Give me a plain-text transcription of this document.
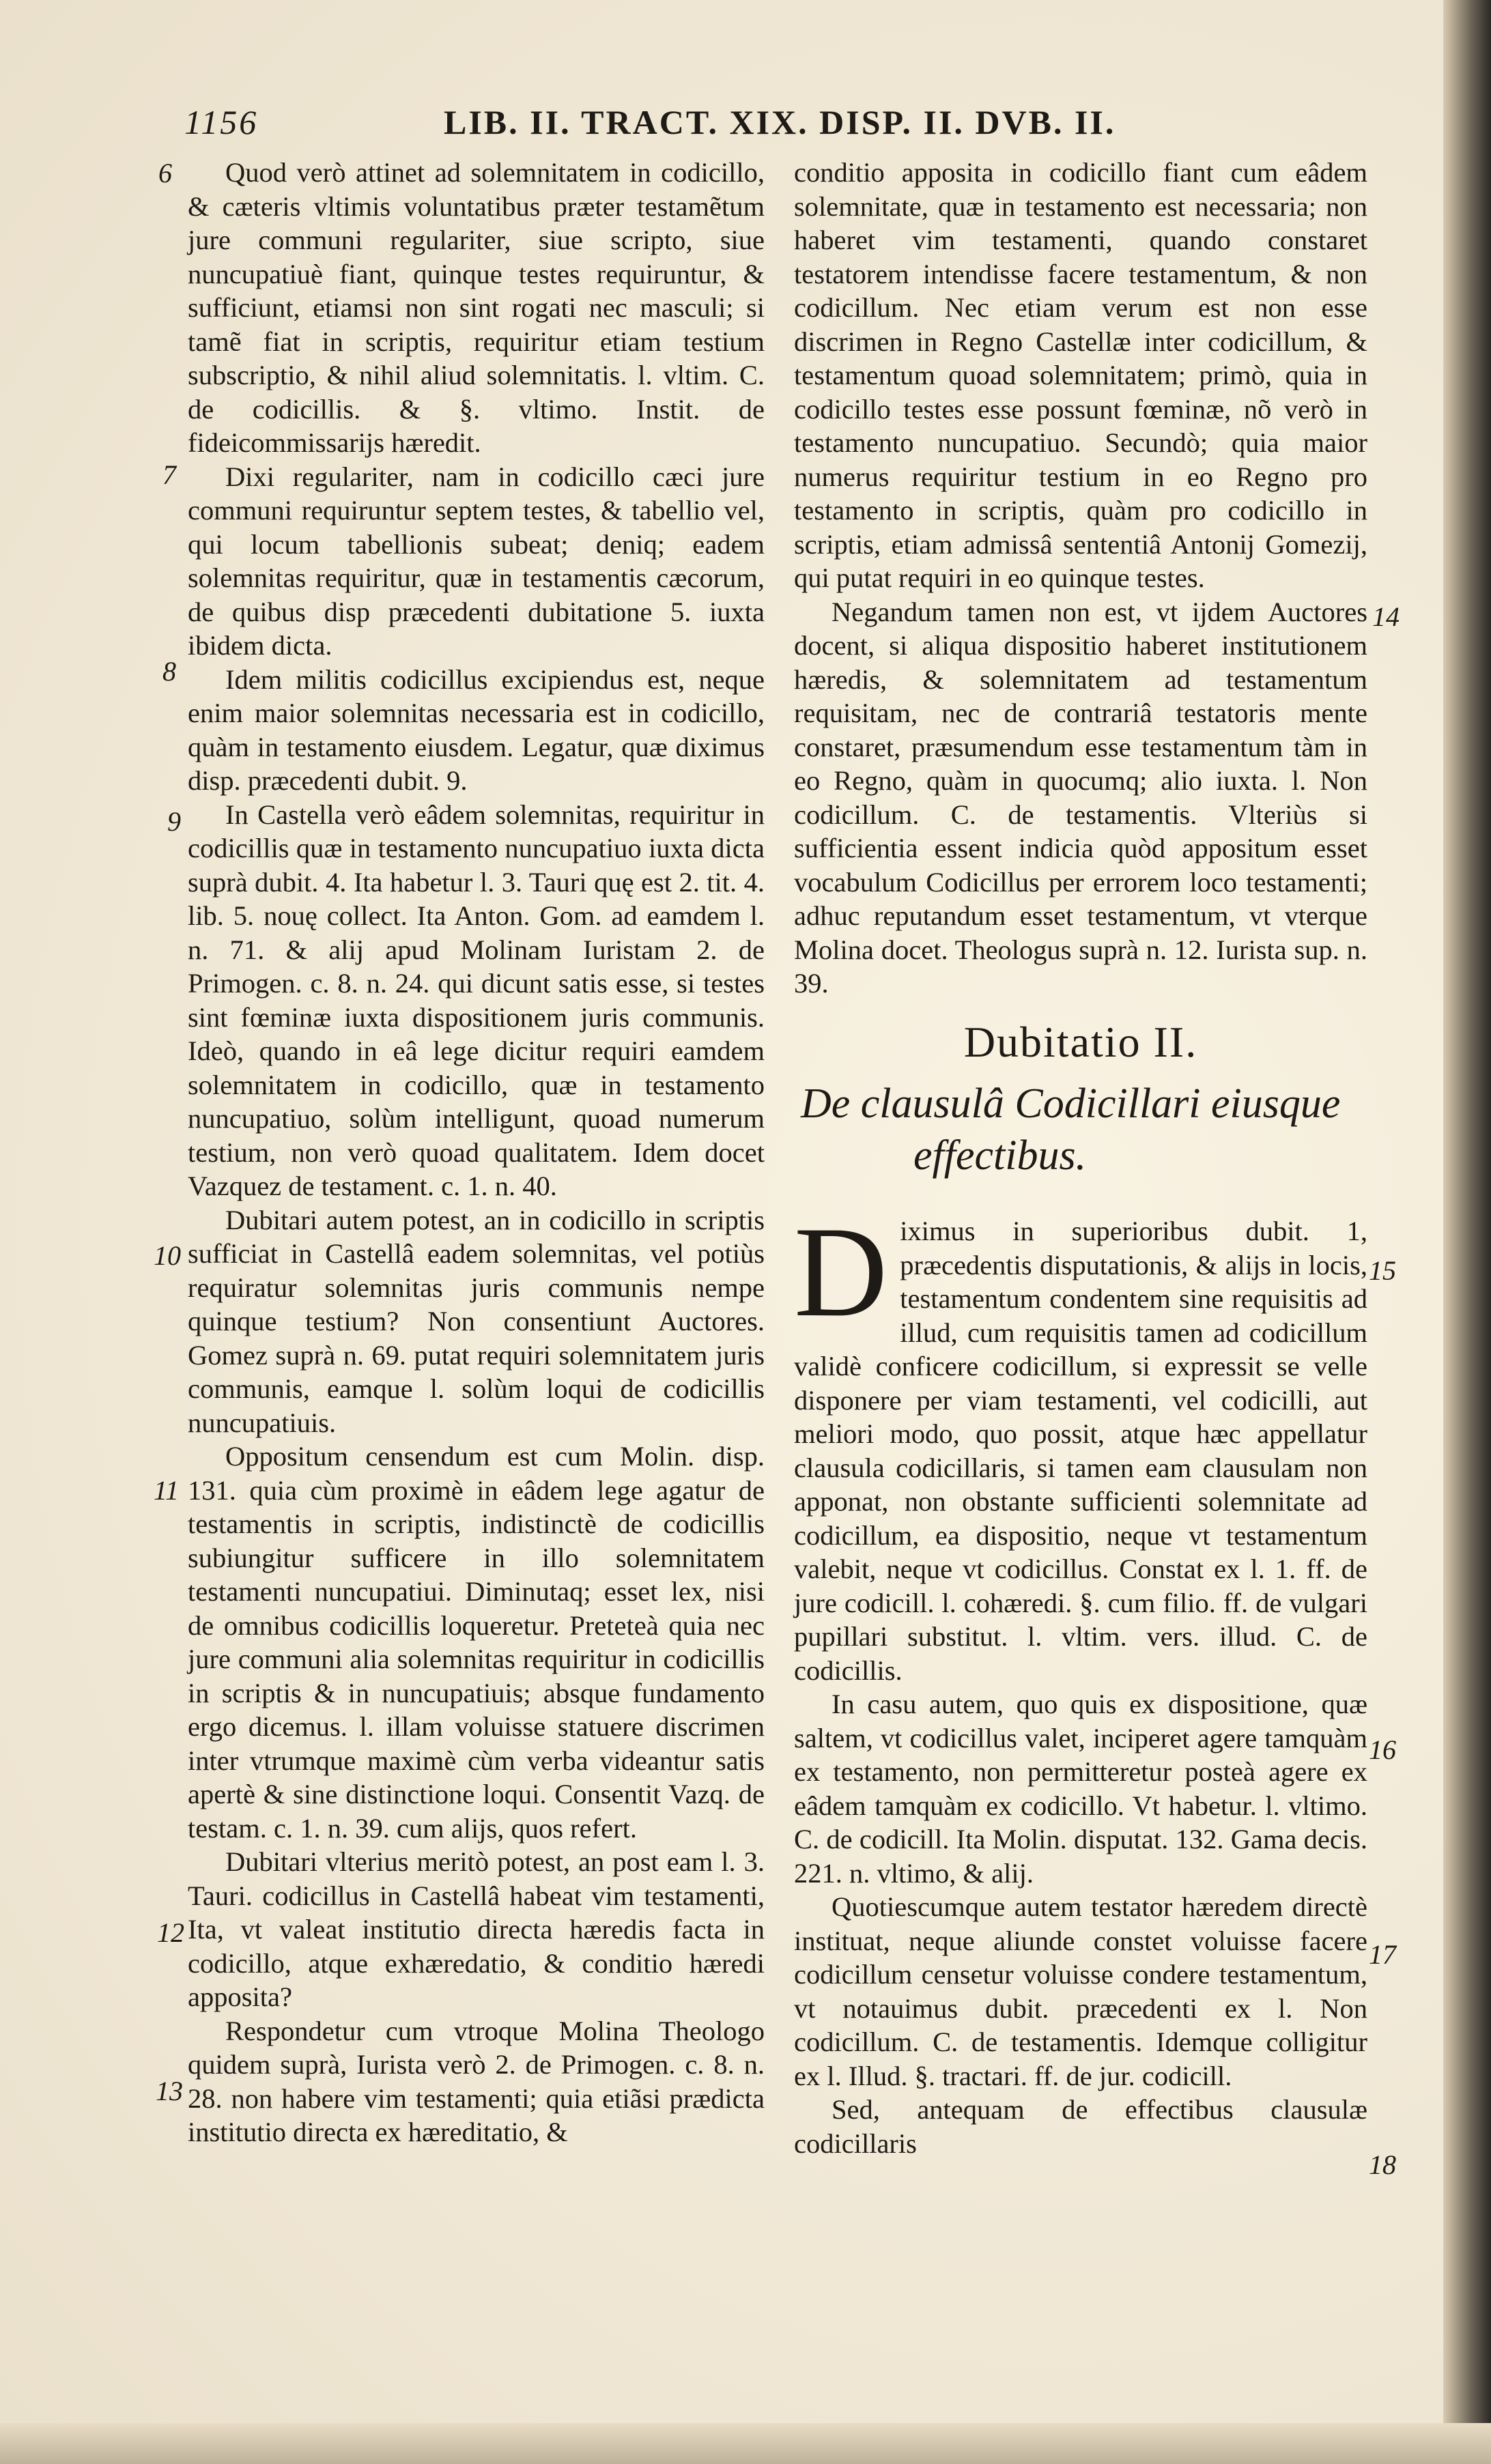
1156	LIB. II. TRACT. XIX. DISP. II. DVB. II.
6
7
8
9
10
11
12
13
14
15
16
17
18

Quod verò attinet ad solemnitatem in codicillo, & cæteris vltimis voluntatibus præter testamẽtum jure communi regulariter, siue scripto, siue nuncupatiuè fiant, quinque testes requiruntur, & sufficiunt, etiamsi non sint rogati nec masculi; si tamẽ fiat in scriptis, requiritur etiam testium subscriptio, & nihil aliud solemnitatis. l. vltim. C. de codicillis. & §. vltimo. Instit. de fideicommissarijs hæredit.

Dixi regulariter, nam in codicillo cæci jure communi requiruntur septem testes, & tabellio vel, qui locum tabellionis subeat; deniq; eadem solemnitas requiritur, quæ in testamentis cæcorum, de quibus disp præcedenti dubitatione 5. iuxta ibidem dicta.

Idem militis codicillus excipiendus est, neque enim maior solemnitas necessaria est in codicillo, quàm in testamento eiusdem. Legatur, quæ diximus disp. præcedenti dubit. 9.

In Castella verò eâdem solemnitas, requiritur in codicillis quæ in testamento nuncupatiuo iuxta dicta suprà dubit. 4. Ita habetur l. 3. Tauri quę est 2. tit. 4. lib. 5. nouę collect. Ita Anton. Gom. ad eamdem l. n. 71. & alij apud Molinam Iuristam 2. de Primogen. c. 8. n. 24. qui dicunt satis esse, si testes sint fœminæ iuxta dispositionem juris communis. Ideò, quando in eâ lege dicitur requiri eamdem solemnitatem in codicillo, quæ in testamento nuncupatiuo, solùm intelligunt, quoad numerum testium, non verò quoad qualitatem. Idem docet Vazquez de testament. c. 1. n. 40.

Dubitari autem potest, an in codicillo in scriptis sufficiat in Castellâ eadem solemnitas, vel potiùs requiratur solemnitas juris communis nempe quinque testium? Non consentiunt Auctores. Gomez suprà n. 69. putat requiri solemnitatem juris communis, eamque l. solùm loqui de codicillis nuncupatiuis.

Oppositum censendum est cum Molin. disp. 131. quia cùm proximè in eâdem lege agatur de testamentis in scriptis, indistinctè de codicillis subiungitur sufficere in illo solemnitatem testamenti nuncupatiui. Diminutaq; esset lex, nisi de omnibus codicillis loqueretur. Preteteà quia nec jure communi alia solemnitas requiritur in codicillis in scriptis & in nuncupatiuis; absque fundamento ergo dicemus. l. illam voluisse statuere discrimen inter vtrumque maximè cùm verba videantur satis apertè & sine distinctione loqui. Consentit Vazq. de testam. c. 1. n. 39. cum alijs, quos refert.

Dubitari vlterius meritò potest, an post eam l. 3. Tauri. codicillus in Castellâ habeat vim testamenti, Ita, vt valeat institutio directa hæredis facta in codicillo, atque exhæredatio, & conditio hæredi apposita?

Respondetur cum vtroque Molina Theologo quidem suprà, Iurista verò 2. de Primogen. c. 8. n. 28. non habere vim testamenti; quia etiãsi prædicta institutio directa ex hæreditatio, &

conditio apposita in codicillo fiant cum eâdem solemnitate, quæ in testamento est necessaria; non haberet vim testamenti, quando constaret testatorem intendisse facere testamentum, & non codicillum. Nec etiam verum est non esse discrimen in Regno Castellæ inter codicillum, & testamentum quoad solemnitatem; primò, quia in codicillo testes esse possunt fœminæ, nõ verò in testamento nuncupatiuo. Secundò; quia maior numerus requiritur testium in eo Regno pro testamento in scriptis, quàm pro codicillo in scriptis, etiam admissâ sententiâ Antonij Gomezij, qui putat requiri in eo quinque testes.

Negandum tamen non est, vt ijdem Auctores docent, si aliqua dispositio haberet institutionem hæredis, & solemnitatem ad testamentum requisitam, nec de contrariâ testatoris mente constaret, præsumendum esse testamentum tàm in eo Regno, quàm in quocumq; alio iuxta. l. Non codicillum. C. de testamentis. Vlteriùs si sufficientia essent indicia quòd appositum esset vocabulum Codicillus per errorem loco testamenti; adhuc reputandum esset testamentum, vt vterque Molina docet. Theologus suprà n. 12. Iurista sup. n. 39.

Dubitatio II.
De clausulâ Codicillari eiusque
effectibus.

D iximus in superioribus dubit. 1, præcedentis disputationis, & alijs in locis, testamentum condentem sine requisitis ad illud, cum requisitis tamen ad codicillum validè conficere codicillum, si expressit se velle disponere per viam testamenti, vel codicilli, aut meliori modo, quo possit, atque hæc appellatur clausula codicillaris, si tamen eam clausulam non apponat, non obstante sufficienti solemnitate ad codicillum, ea dispositio, neque vt testamentum valebit, neque vt codicillus. Constat ex l. 1. ff. de jure codicill. l. cohæredi. §. cum filio. ff. de vulgari pupillari substitut. l. vltim. vers. illud. C. de codicillis.

In casu autem, quo quis ex dispositione, quæ saltem, vt codicillus valet, inciperet agere tamquàm ex testamento, non permitteretur posteà agere ex eâdem tamquàm ex codicillo. Vt habetur. l. vltimo. C. de codicill. Ita Molin. disputat. 132. Gama decis. 221. n. vltimo, & alij.

Quotiescumque autem testator hæredem directè instituat, neque aliunde constet voluisse facere codicillum censetur voluisse condere testamentum, vt notauimus dubit. præcedenti ex l. Non codicillum. C. de testamentis. Idemque colligitur ex l. Illud. §. tractari. ff. de jur. codicill.

Sed, antequam de effectibus clausulæ codicillaris
